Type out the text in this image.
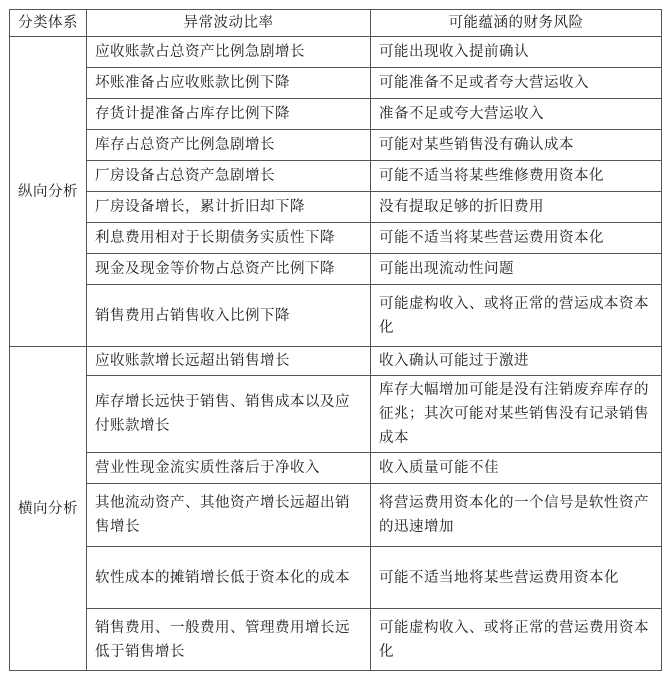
分类体系	异常波动比率	可能蕴涵的财务风险
纵向分析	应收账款占总资产比例急剧增长	可能出现收入提前确认
	坏账准备占应收账款比例下降	可能准备不足或者夸大营运收入
	存货计提准备占库存比例下降	准备不足或夸大营运收入
	库存占总资产比例急剧增长	可能对某些销售没有确认成本
	厂房设备占总资产急剧增长	可能不适当将某些维修费用资本化
	厂房设备增长，累计折旧却下降	没有提取足够的折旧费用
	利息费用相对于长期债务实质性下降	可能不适当将某些营运费用资本化
	现金及现金等价物占总资产比例下降	可能出现流动性问题
	销售费用占销售收入比例下降	可能虚构收入、或将正常的营运成本资本化
横向分析	应收账款增长远超出销售增长	收入确认可能过于激进
	库存增长远快于销售、销售成本以及应付账款增长	库存大幅增加可能是没有注销废弃库存的征兆；其次可能对某些销售没有记录销售成本
	营业性现金流实质性落后于净收入	收入质量可能不佳
	其他流动资产、其他资产增长远超出销售增长	将营运费用资本化的一个信号是软性资产的迅速增加
	软性成本的摊销增长低于资本化的成本	可能不适当地将某些营运费用资本化
	销售费用、一般费用、管理费用增长远低于销售增长	可能虚构收入、或将正常的营运费用资本化
